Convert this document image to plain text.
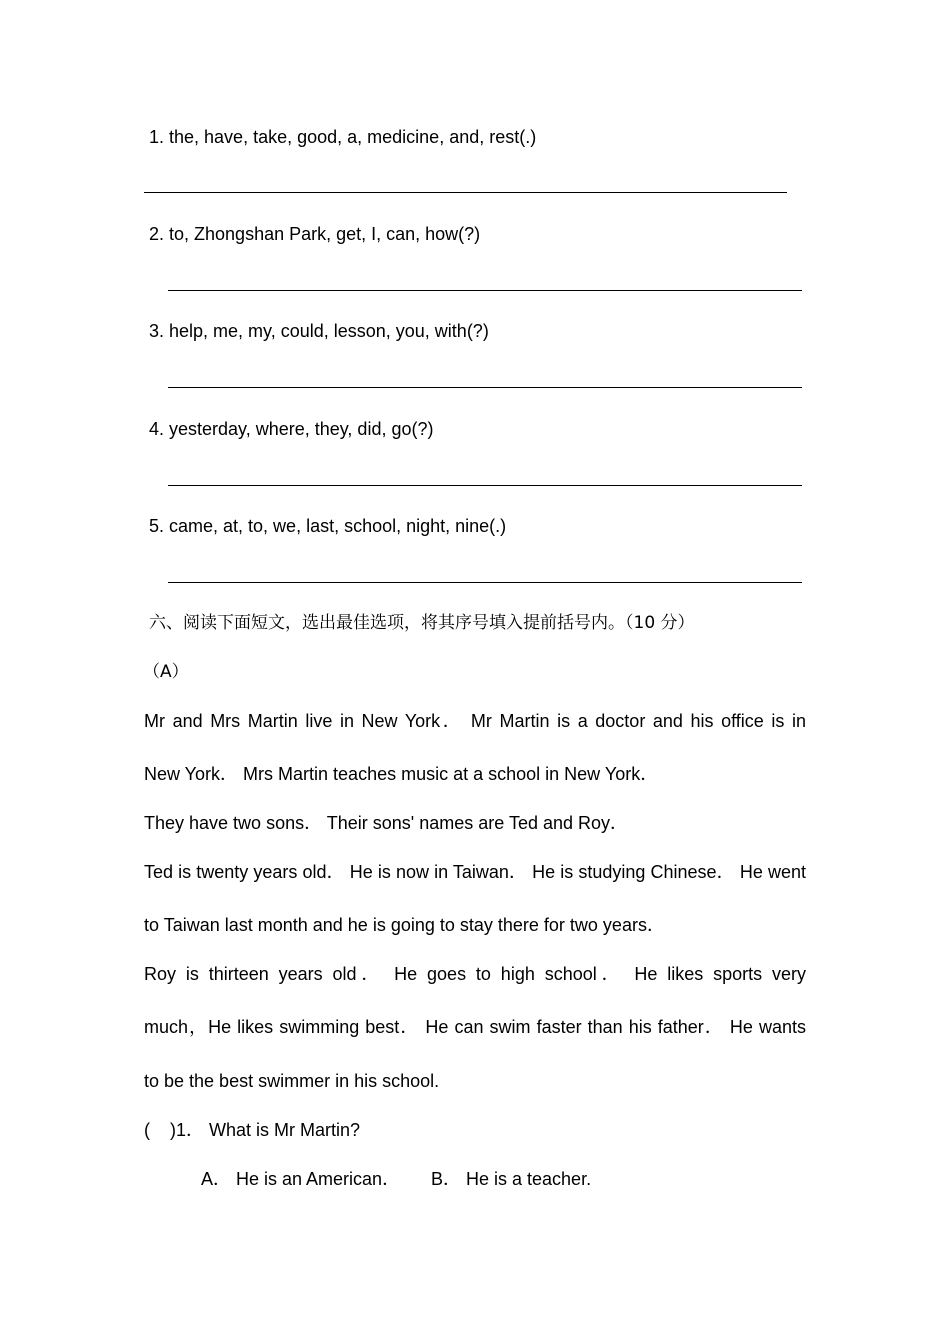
1. the, have, take, good, a, medicine, and, rest(.)
2. to, Zhongshan Park, get, I, can, how(?)
3. help, me, my, could, lesson, you, with(?)
4. yesterday, where, they, did, go(?)
5. came, at, to, we, last, school, night, nine(.)
六、阅读下面短文，选出最佳选项，将其序号填入提前括号内。（10 分）
（A）
Mr and Mrs Martin live in New York． Mr Martin is a doctor and his office is in
New York． Mrs Martin teaches music at a school in New York．
They have two sons． Their sons' names are Ted and Roy．
Ted is twenty years old． He is now in Taiwan． He is studying Chinese． He went
to Taiwan last month and he is going to stay there for two years．
Roy is thirteen years old． He goes to high school． He likes sports very
much，He likes swimming best． He can swim faster than his father． He wants
to be the best swimmer in his school.
(    )1． What is Mr Martin?
A． He is an American． B． He is a teacher.
